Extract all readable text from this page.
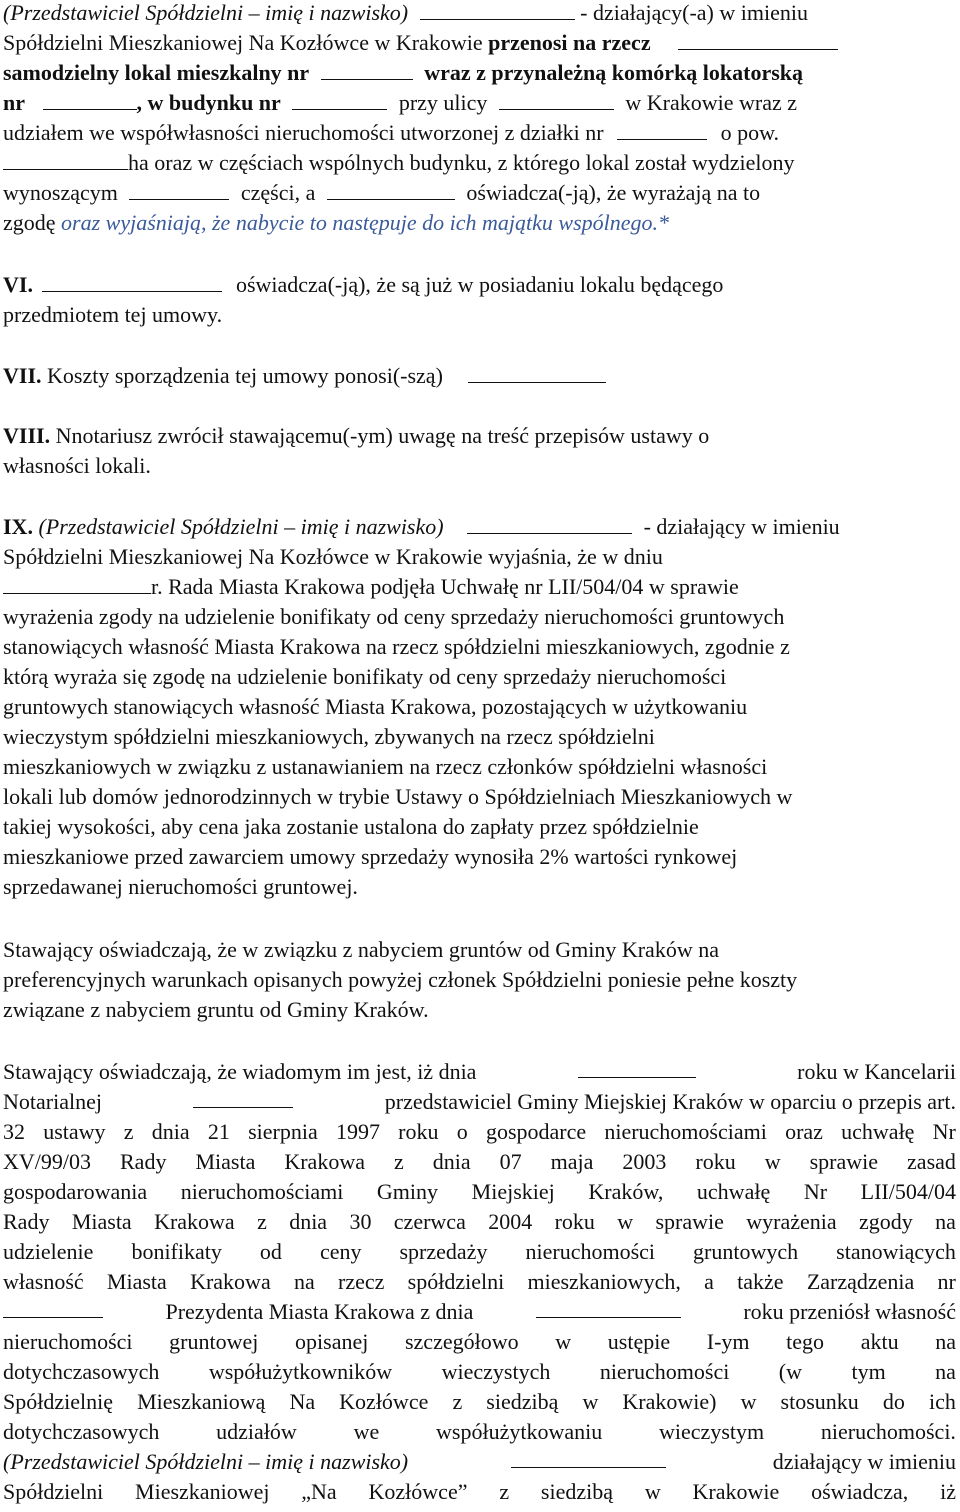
(Przedstawiciel Spółdzielni – imię i nazwisko)	- działający(-a) w imieniu
Spółdzielni Mieszkaniowej Na Kozłówce w Krakowie przenosi na rzecz
samodzielny lokal mieszkalny nr	wraz z przynależną komórką lokatorską
nr	, w budynku nr	przy ulicy	w Krakowie wraz z
udziałem we współwłasności nieruchomości utworzonej z działki nr	o pow.
ha oraz w częściach wspólnych budynku, z którego lokal został wydzielony
wynoszącym	części, a	oświadcza(-ją), że wyrażają na to
zgodę oraz wyjaśniają, że nabycie to następuje do ich majątku wspólnego.*
VI.	oświadcza(-ją), że są już w posiadaniu lokalu będącego
przedmiotem tej umowy.
VII. Koszty sporządzenia tej umowy ponosi(-szą)
VIII. Nnotariusz zwrócił stawającemu(-ym) uwagę na treść przepisów ustawy o
własności lokali.
IX. (Przedstawiciel Spółdzielni – imię i nazwisko)	- działający w imieniu
Spółdzielni Mieszkaniowej Na Kozłówce w Krakowie wyjaśnia, że w dniu
r. Rada Miasta Krakowa podjęła Uchwałę nr LII/504/04 w sprawie
wyrażenia zgody na udzielenie bonifikaty od ceny sprzedaży nieruchomości gruntowych
stanowiących własność Miasta Krakowa na rzecz spółdzielni mieszkaniowych, zgodnie z
którą wyraża się zgodę na udzielenie bonifikaty od ceny sprzedaży nieruchomości
gruntowych stanowiących własność Miasta Krakowa, pozostających w użytkowaniu
wieczystym spółdzielni mieszkaniowych, zbywanych na rzecz spółdzielni
mieszkaniowych w związku z ustanawianiem na rzecz członków spółdzielni własności
lokali lub domów jednorodzinnych w trybie Ustawy o Spółdzielniach Mieszkaniowych w
takiej wysokości, aby cena jaka zostanie ustalona do zapłaty przez spółdzielnie
mieszkaniowe przed zawarciem umowy sprzedaży wynosiła 2% wartości rynkowej
sprzedawanej nieruchomości gruntowej.
Stawający oświadczają, że w związku z nabyciem gruntów od Gminy Kraków na
preferencyjnych warunkach opisanych powyżej członek Spółdzielni poniesie pełne koszty
związane z nabyciem gruntu od Gminy Kraków.
Stawający oświadczają, że wiadomym im jest, iż dnia	roku w Kancelarii
Notarialnej	przedstawiciel Gminy Miejskiej Kraków w oparciu o przepis art.
32 ustawy z dnia 21 sierpnia 1997 roku o gospodarce nieruchomościami oraz uchwałę Nr
XV/99/03 Rady Miasta Krakowa z dnia 07 maja 2003 roku w sprawie zasad
gospodarowania nieruchomościami Gminy Miejskiej Kraków, uchwałę Nr LII/504/04
Rady Miasta Krakowa z dnia 30 czerwca 2004 roku w sprawie wyrażenia zgody na
udzielenie bonifikaty od ceny sprzedaży nieruchomości gruntowych stanowiących
własność Miasta Krakowa na rzecz spółdzielni mieszkaniowych, a także Zarządzenia nr
Prezydenta Miasta Krakowa z dnia	roku przeniósł własność
nieruchomości gruntowej opisanej szczegółowo w ustępie I-ym tego aktu na
dotychczasowych współużytkowników wieczystych nieruchomości (w tym na
Spółdzielnię Mieszkaniową Na Kozłówce z siedzibą w Krakowie) w stosunku do ich
dotychczasowych	udziałów	we	współużytkowaniu	wieczystym	nieruchomości.
(Przedstawiciel Spółdzielni – imię i nazwisko)	działający w imieniu
Spółdzielni Mieszkaniowej „Na Kozłówce” z siedzibą w Krakowie oświadcza, iż
